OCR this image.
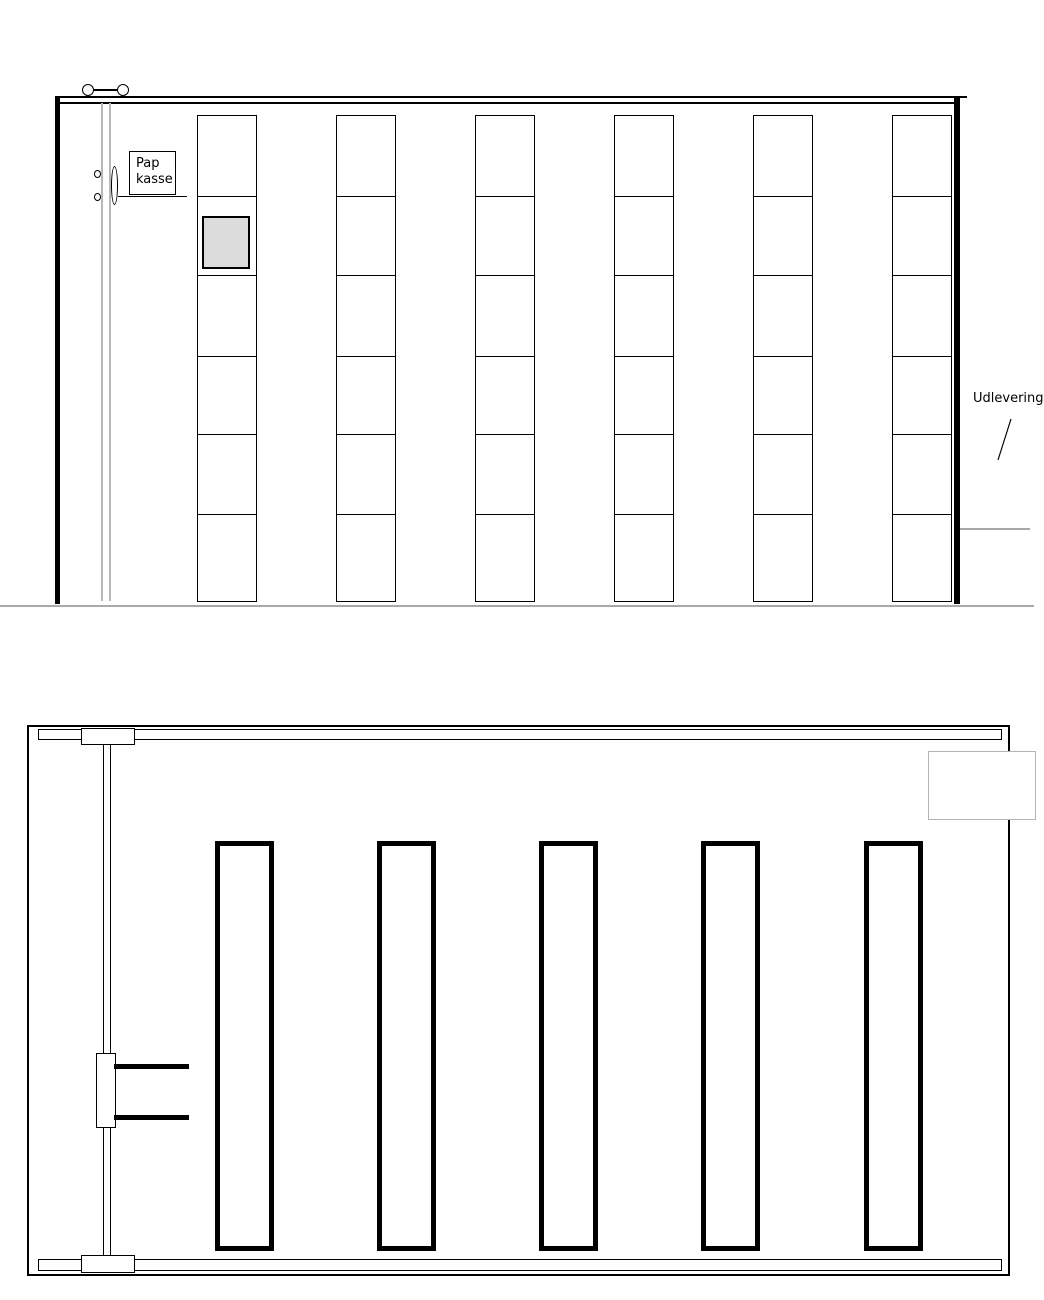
Pap
kasse
Udlevering
